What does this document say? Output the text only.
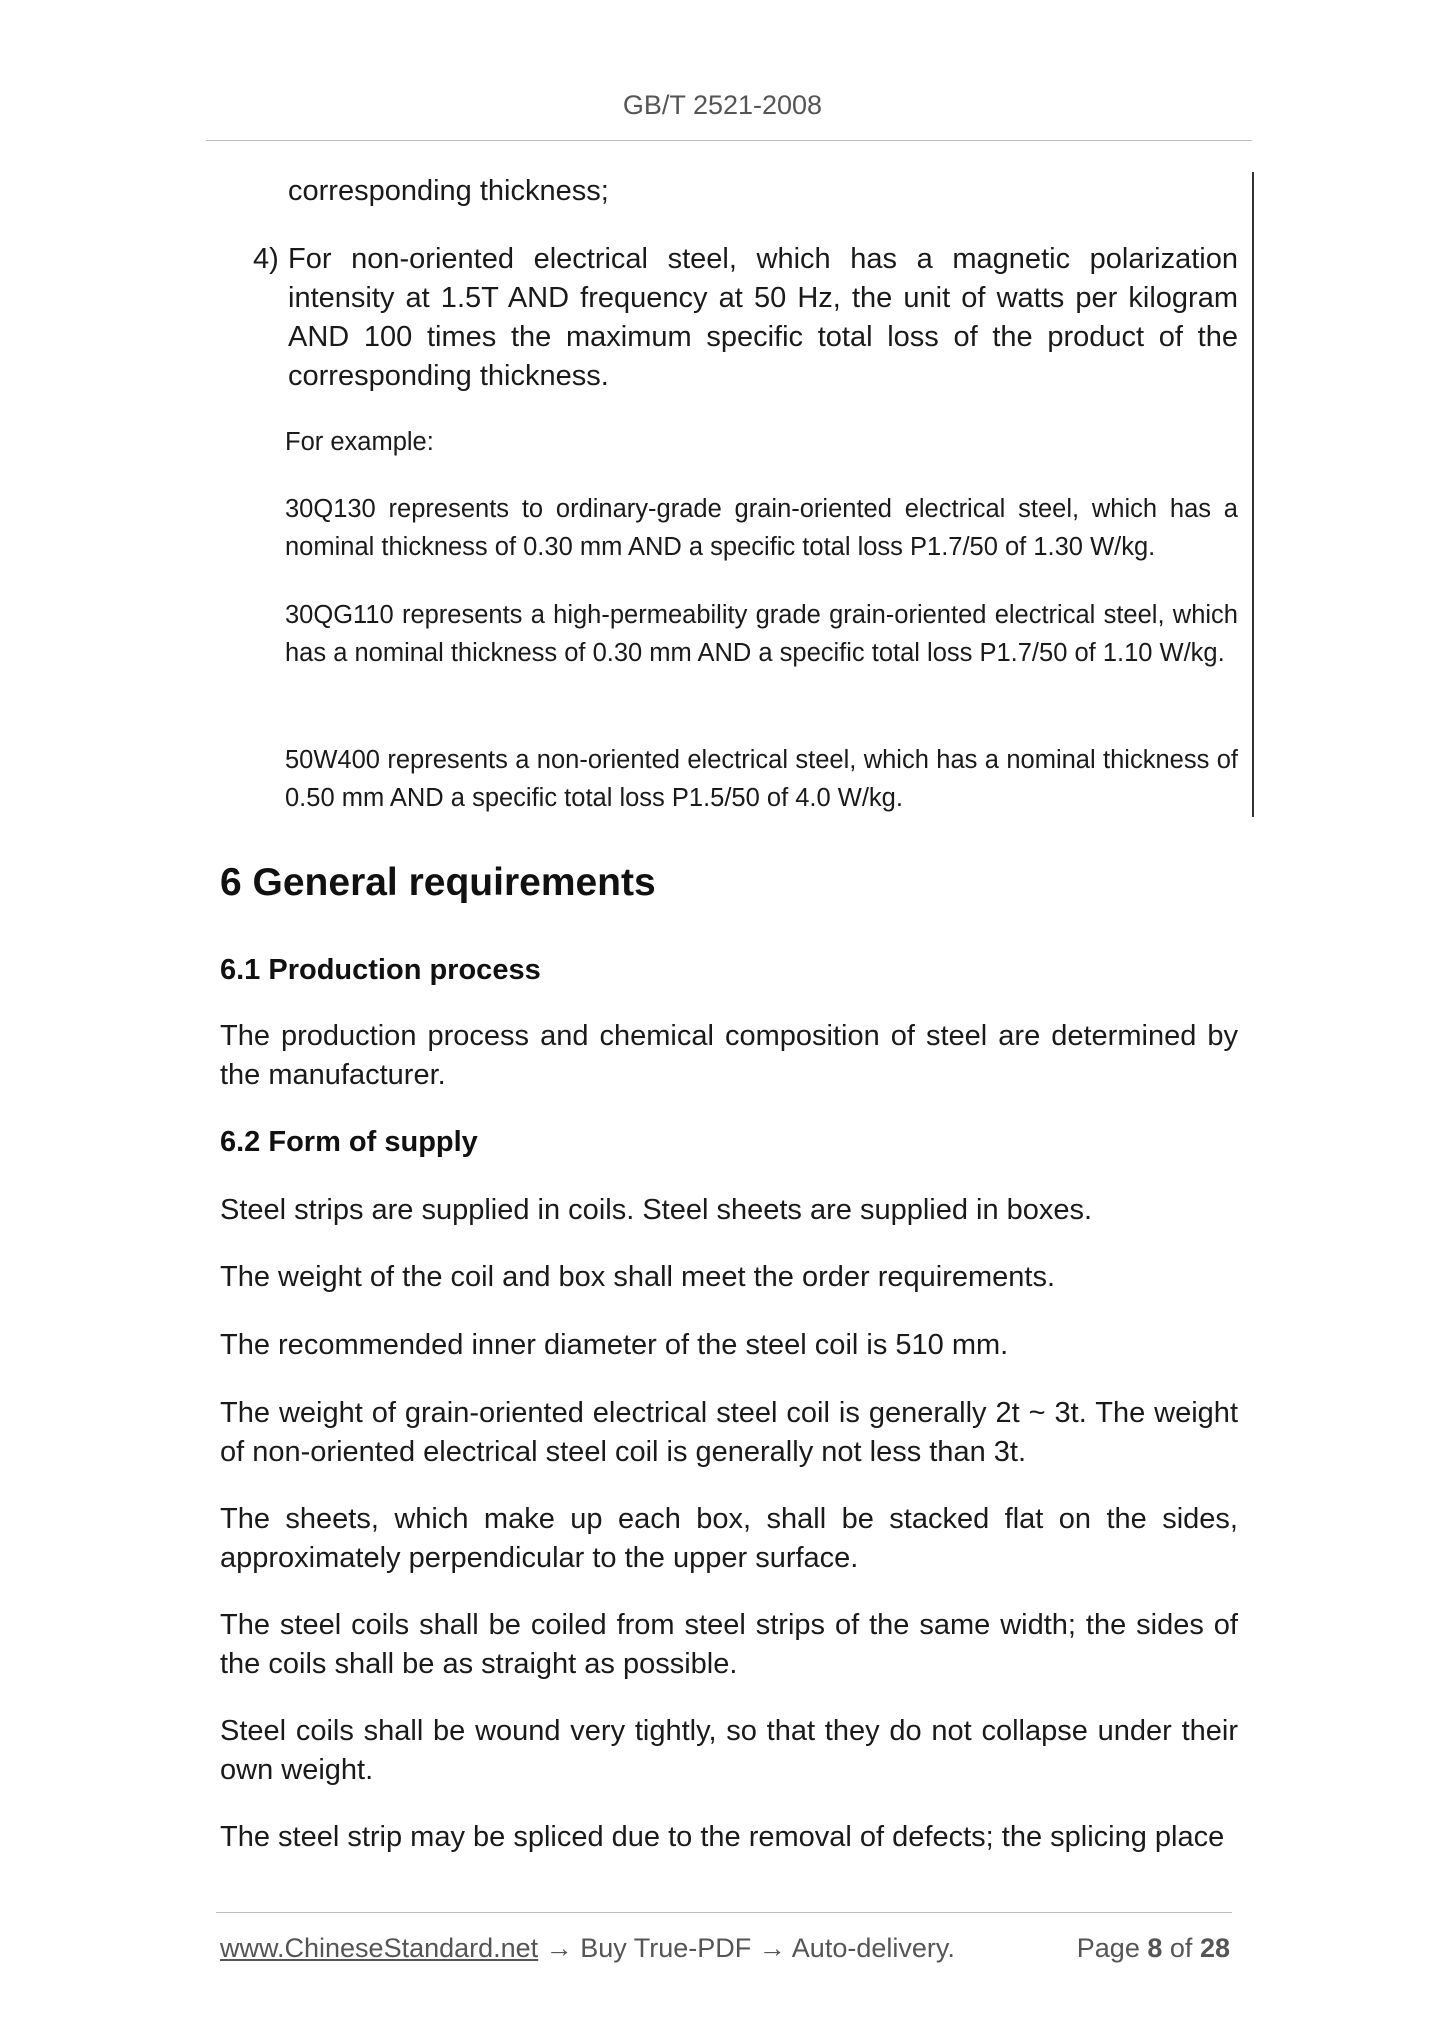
GB/T 2521-2008

corresponding thickness;

4) For non-oriented electrical steel, which has a magnetic polarization intensity at 1.5T AND frequency at 50 Hz, the unit of watts per kilogram AND 100 times the maximum specific total loss of the product of the corresponding thickness.

For example:

30Q130 represents to ordinary-grade grain-oriented electrical steel, which has a nominal thickness of 0.30 mm AND a specific total loss P1.7/50 of 1.30 W/kg.

30QG110 represents a high-permeability grade grain-oriented electrical steel, which has a nominal thickness of 0.30 mm AND a specific total loss P1.7/50 of 1.10 W/kg.

50W400 represents a non-oriented electrical steel, which has a nominal thickness of 0.50 mm AND a specific total loss P1.5/50 of 4.0 W/kg.

6 General requirements
6.1 Production process

The production process and chemical composition of steel are determined by the manufacturer.

6.2 Form of supply

Steel strips are supplied in coils. Steel sheets are supplied in boxes.

The weight of the coil and box shall meet the order requirements.

The recommended inner diameter of the steel coil is 510 mm.

The weight of grain-oriented electrical steel coil is generally 2t ~ 3t. The weight of non-oriented electrical steel coil is generally not less than 3t.

The sheets, which make up each box, shall be stacked flat on the sides, approximately perpendicular to the upper surface.

The steel coils shall be coiled from steel strips of the same width; the sides of the coils shall be as straight as possible.

Steel coils shall be wound very tightly, so that they do not collapse under their own weight.

The steel strip may be spliced due to the removal of defects; the splicing place

www.ChineseStandard.net → Buy True-PDF → Auto-delivery.	Page 8 of 28
